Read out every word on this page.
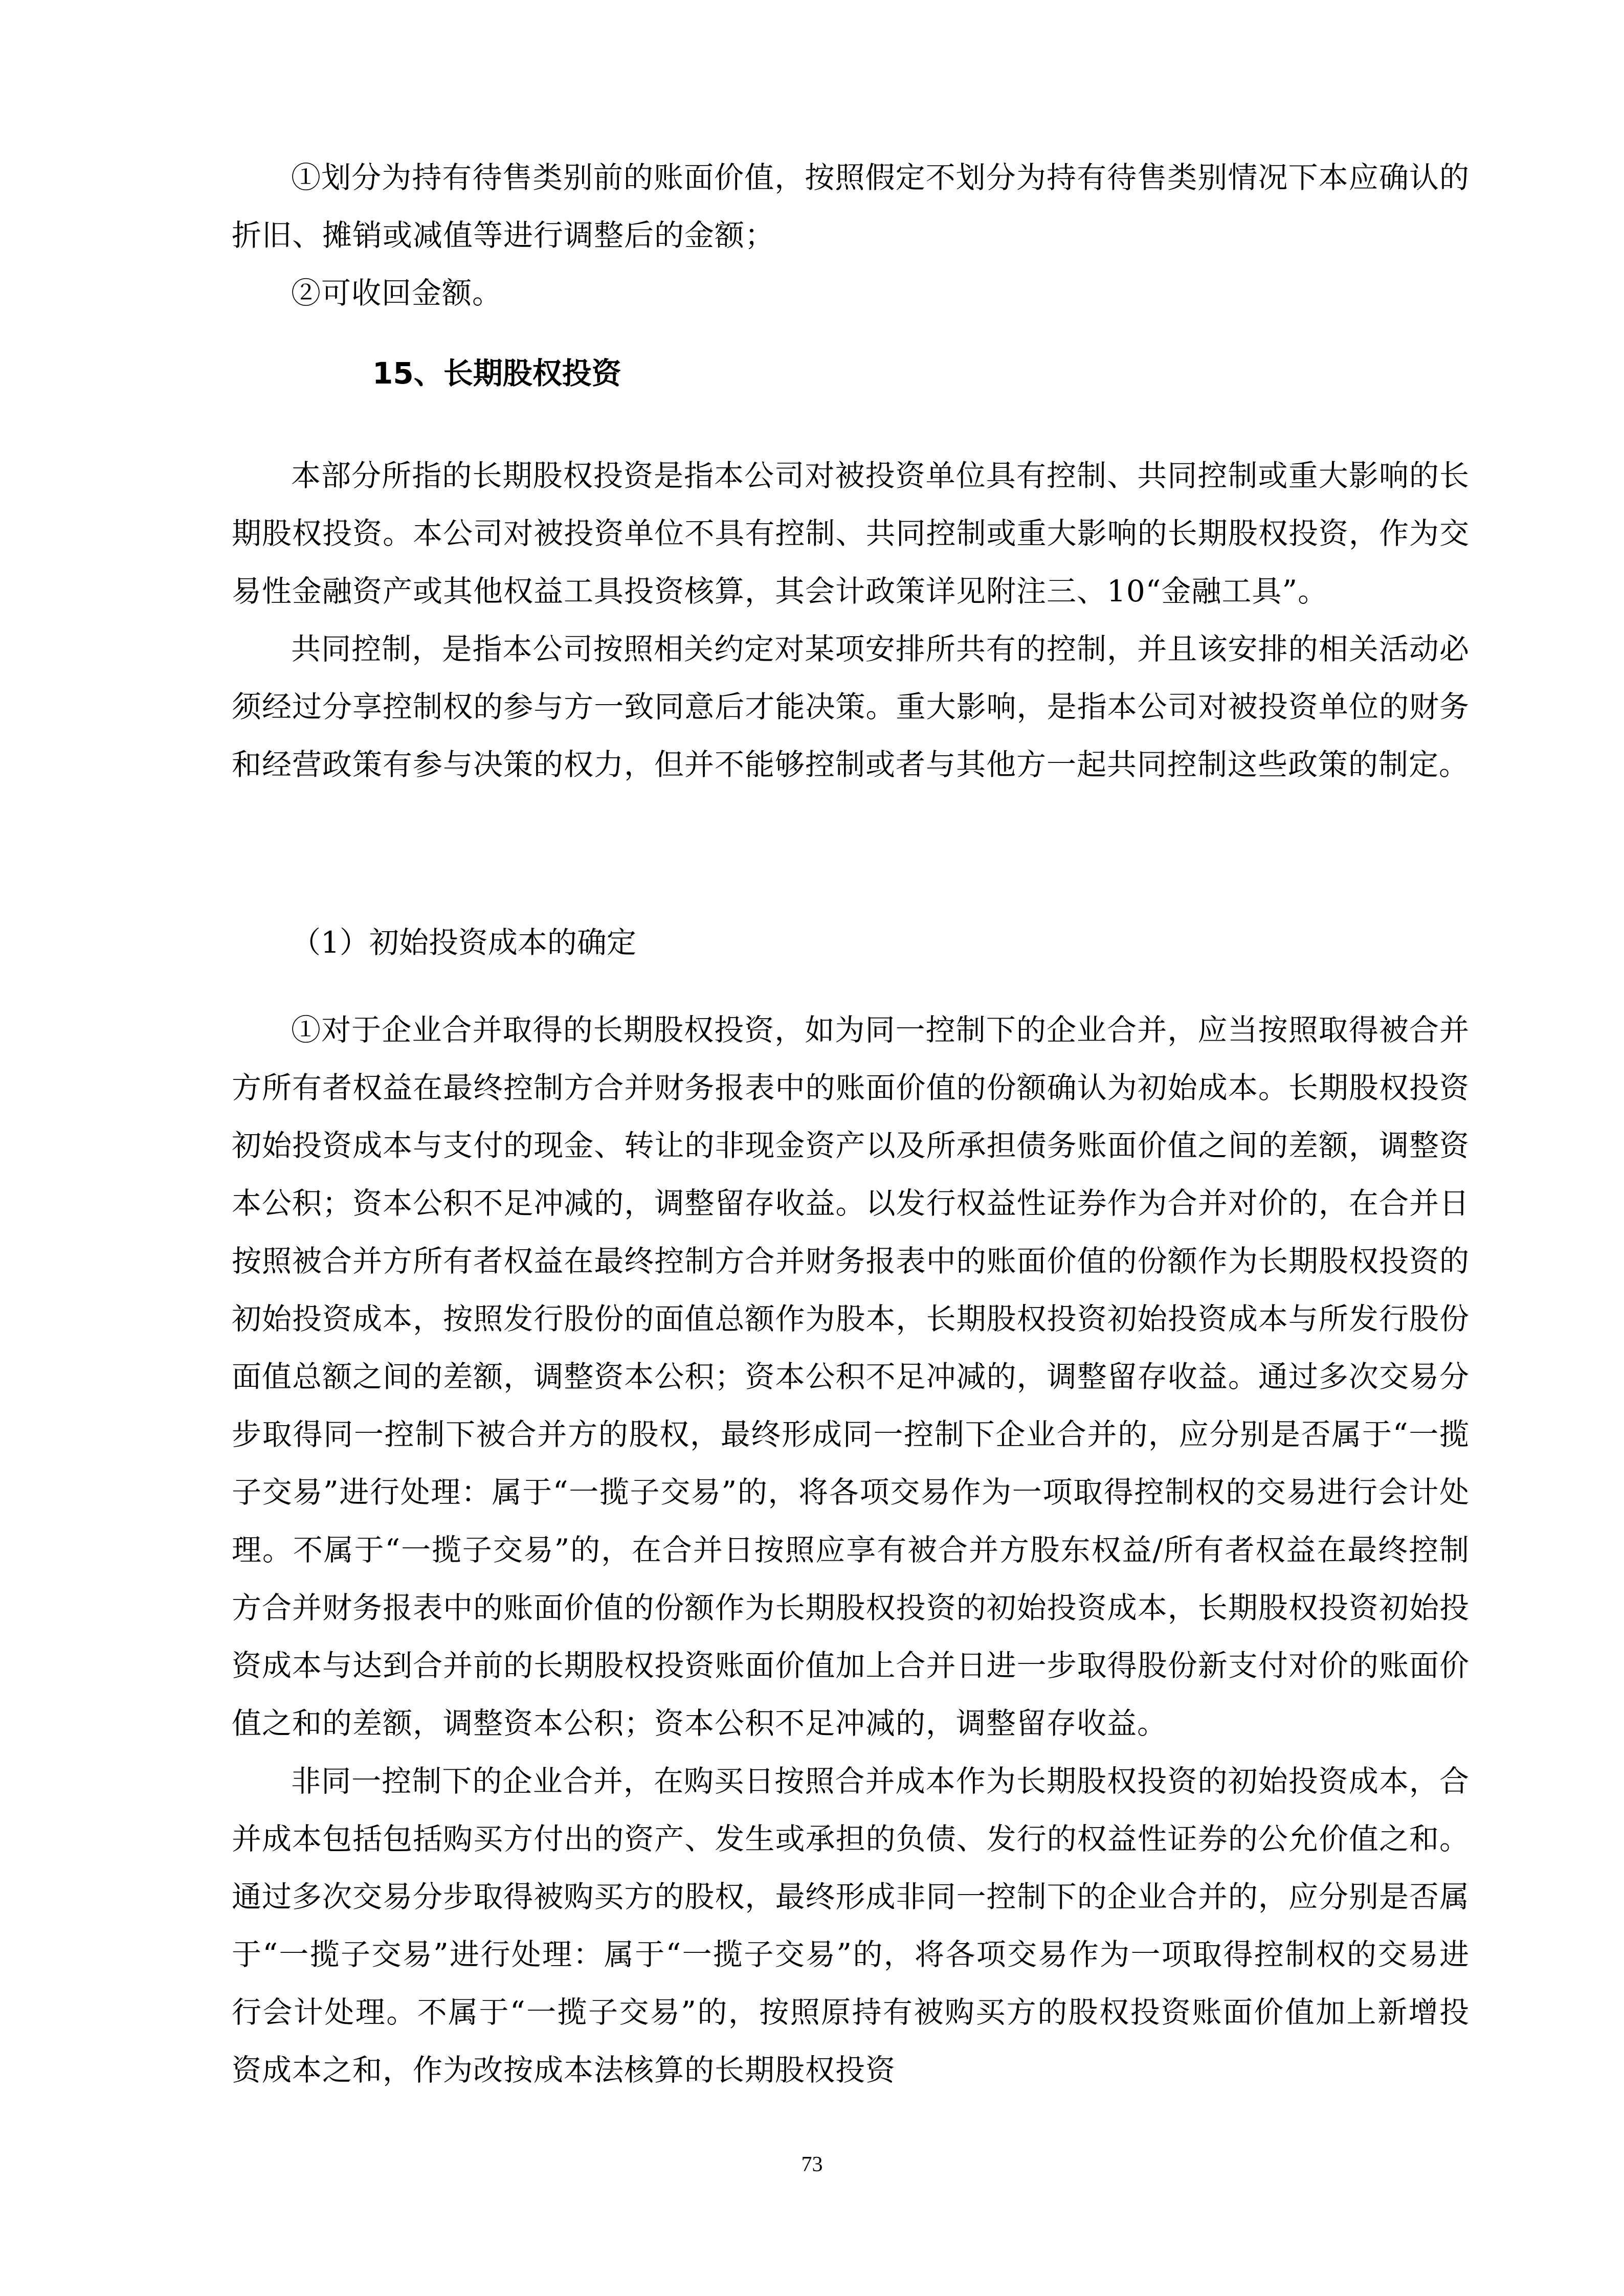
①划分为持有待售类别前的账面价值，按照假定不划分为持有待售类别情况下本应确认的折旧、摊销或减值等进行调整后的金额；

②可收回金额。

15、长期股权投资

本部分所指的长期股权投资是指本公司对被投资单位具有控制、共同控制或重大影响的长期股权投资。本公司对被投资单位不具有控制、共同控制或重大影响的长期股权投资，作为交易性金融资产或其他权益工具投资核算，其会计政策详见附注三、10“金融工具”。

共同控制，是指本公司按照相关约定对某项安排所共有的控制，并且该安排的相关活动必须经过分享控制权的参与方一致同意后才能决策。重大影响，是指本公司对被投资单位的财务和经营政策有参与决策的权力，但并不能够控制或者与其他方一起共同控制这些政策的制定。

（1）初始投资成本的确定

①对于企业合并取得的长期股权投资，如为同一控制下的企业合并，应当按照取得被合并方所有者权益在最终控制方合并财务报表中的账面价值的份额确认为初始成本。长期股权投资初始投资成本与支付的现金、转让的非现金资产以及所承担债务账面价值之间的差额，调整资本公积；资本公积不足冲减的，调整留存收益。以发行权益性证券作为合并对价的，在合并日按照被合并方所有者权益在最终控制方合并财务报表中的账面价值的份额作为长期股权投资的初始投资成本，按照发行股份的面值总额作为股本，长期股权投资初始投资成本与所发行股份面值总额之间的差额，调整资本公积；资本公积不足冲减的，调整留存收益。通过多次交易分步取得同一控制下被合并方的股权，最终形成同一控制下企业合并的，应分别是否属于“一揽子交易”进行处理：属于“一揽子交易”的，将各项交易作为一项取得控制权的交易进行会计处理。不属于“一揽子交易”的，在合并日按照应享有被合并方股东权益/所有者权益在最终控制方合并财务报表中的账面价值的份额作为长期股权投资的初始投资成本，长期股权投资初始投资成本与达到合并前的长期股权投资账面价值加上合并日进一步取得股份新支付对价的账面价值之和的差额，调整资本公积；资本公积不足冲减的，调整留存收益。

非同一控制下的企业合并，在购买日按照合并成本作为长期股权投资的初始投资成本，合并成本包括包括购买方付出的资产、发生或承担的负债、发行的权益性证券的公允价值之和。通过多次交易分步取得被购买方的股权，最终形成非同一控制下的企业合并的，应分别是否属于“一揽子交易”进行处理：属于“一揽子交易”的，将各项交易作为一项取得控制权的交易进行会计处理。不属于“一揽子交易”的，按照原持有被购买方的股权投资账面价值加上新增投资成本之和，作为改按成本法核算的长期股权投资

73
